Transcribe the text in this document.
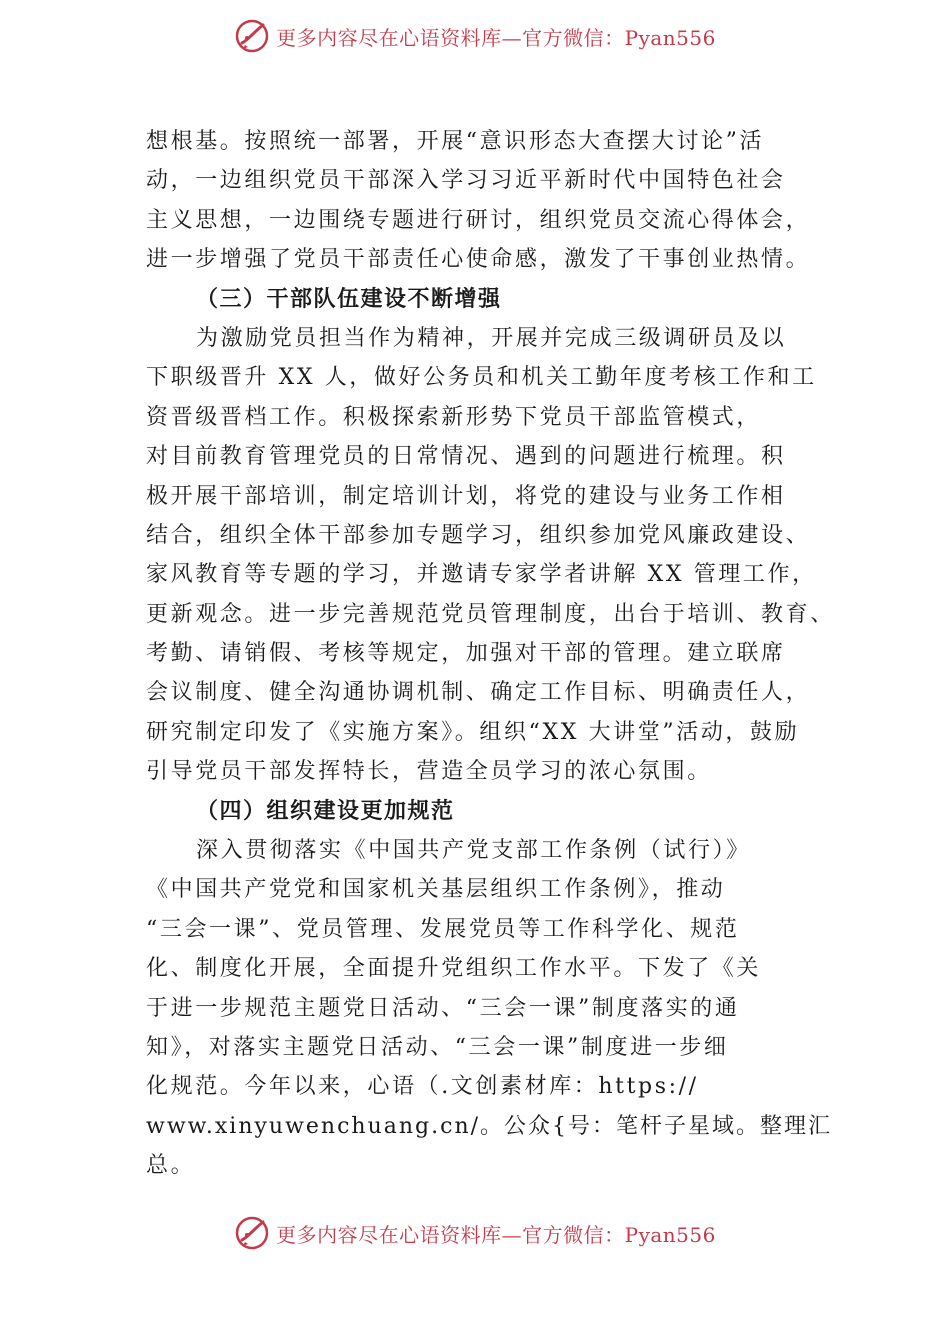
更多内容尽在心语资料库—官方微信：Pyan556
想根基。按照统一部署，开展“意识形态大查摆大讨论”活
动，一边组织党员干部深入学习习近平新时代中国特色社会
主义思想，一边围绕专题进行研讨，组织党员交流心得体会，
进一步增强了党员干部责任心使命感，激发了干事创业热情。
（三）干部队伍建设不断增强
为激励党员担当作为精神，开展并完成三级调研员及以
下职级晋升 XX 人，做好公务员和机关工勤年度考核工作和工
资晋级晋档工作。积极探索新形势下党员干部监管模式，
对目前教育管理党员的日常情况、遇到的问题进行梳理。积
极开展干部培训，制定培训计划，将党的建设与业务工作相
结合，组织全体干部参加专题学习，组织参加党风廉政建设、
家风教育等专题的学习，并邀请专家学者讲解 XX 管理工作，
更新观念。进一步完善规范党员管理制度，出台于培训、教育、
考勤、请销假、考核等规定，加强对干部的管理。建立联席
会议制度、健全沟通协调机制、确定工作目标、明确责任人，
研究制定印发了《实施方案》。组织“XX 大讲堂”活动，鼓励
引导党员干部发挥特长，营造全员学习的浓心氛围。
（四）组织建设更加规范
深入贯彻落实《中国共产党支部工作条例（试行）》
《中国共产党党和国家机关基层组织工作条例》，推动
“三会一课”、党员管理、发展党员等工作科学化、规范
化、制度化开展，全面提升党组织工作水平。下发了《关
于进一步规范主题党日活动、“三会一课”制度落实的通
知》，对落实主题党日活动、“三会一课”制度进一步细
化规范。今年以来，心语（.文创素材库：https://
www.xinyuwenchuang.cn/。公众{号：笔杆子星域。整理汇
总。
更多内容尽在心语资料库—官方微信：Pyan556
